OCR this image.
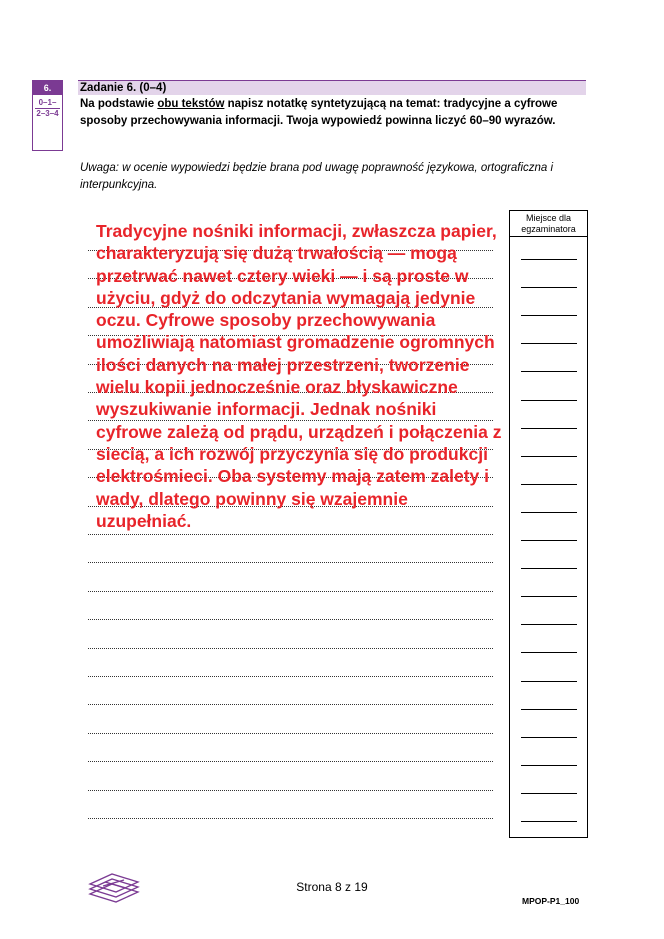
6.
0–1–
2–3–4
Zadanie 6. (0–4)
Na podstawie obu tekstów napisz notatkę syntetyzującą na temat: tradycyjne a cyfrowe sposoby przechowywania informacji. Twoja wypowiedź powinna liczyć 60–90 wyrazów.
Uwaga: w ocenie wypowiedzi będzie brana pod uwagę poprawność językowa, ortograficzna i interpunkcyjna.
Tradycyjne nośniki informacji, zwłaszcza papier, charakteryzują się dużą trwałością — mogą przetrwać nawet cztery wieki — i są proste w użyciu, gdyż do odczytania wymagają jedynie oczu. Cyfrowe sposoby przechowywania umożliwiają natomiast gromadzenie ogromnych ilości danych na małej przestrzeni, tworzenie wielu kopii jednocześnie oraz błyskawiczne wyszukiwanie informacji. Jednak nośniki cyfrowe zależą od prądu, urządzeń i połączenia z siecią, a ich rozwój przyczynia się do produkcji elektrośmieci. Oba systemy mają zatem zalety i wady, dlatego powinny się wzajemnie uzupełniać.
Miejsce dla egzaminatora
Strona 8 z 19
MPOP-P1_100
